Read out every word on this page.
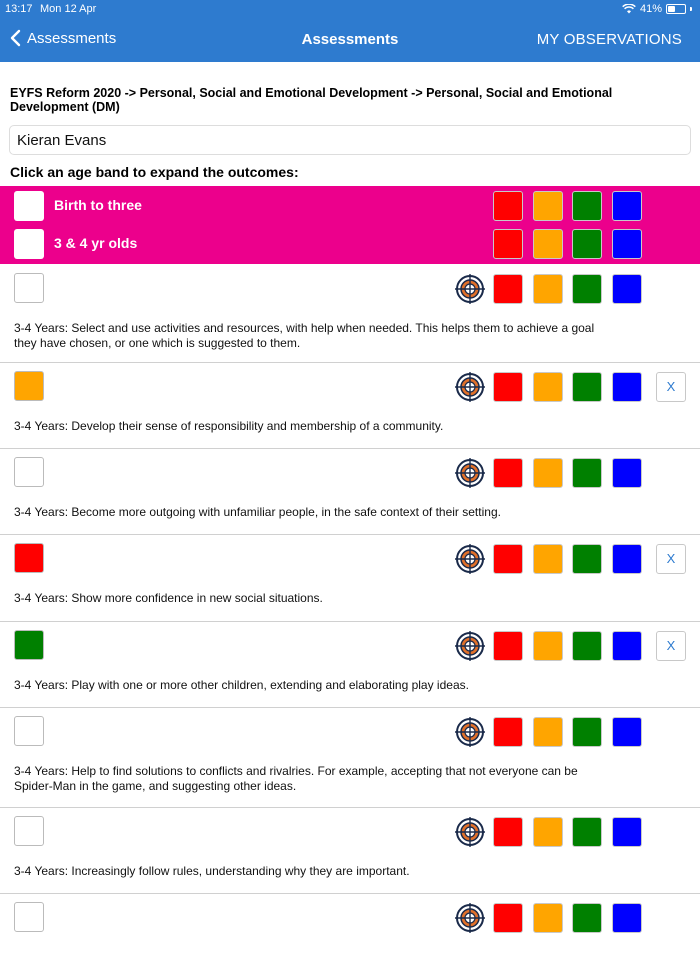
13:17 Mon 12 Apr	41%
Assessments	Assessments	MY OBSERVATIONS
EYFS Reform 2020 -> Personal, Social and Emotional Development -> Personal, Social and Emotional Development (DM)
Kieran Evans
Click an age band to expand the outcomes:
Birth to three
3 & 4 yr olds
3-4 Years: Select and use activities and resources, with help when needed. This helps them to achieve a goal they have chosen, or one which is suggested to them.
X
3-4 Years: Develop their sense of responsibility and membership of a community.
3-4 Years: Become more outgoing with unfamiliar people, in the safe context of their setting.
X
3-4 Years: Show more confidence in new social situations.
X
3-4 Years: Play with one or more other children, extending and elaborating play ideas.
3-4 Years: Help to find solutions to conflicts and rivalries. For example, accepting that not everyone can be Spider-Man in the game, and suggesting other ideas.
3-4 Years: Increasingly follow rules, understanding why they are important.
